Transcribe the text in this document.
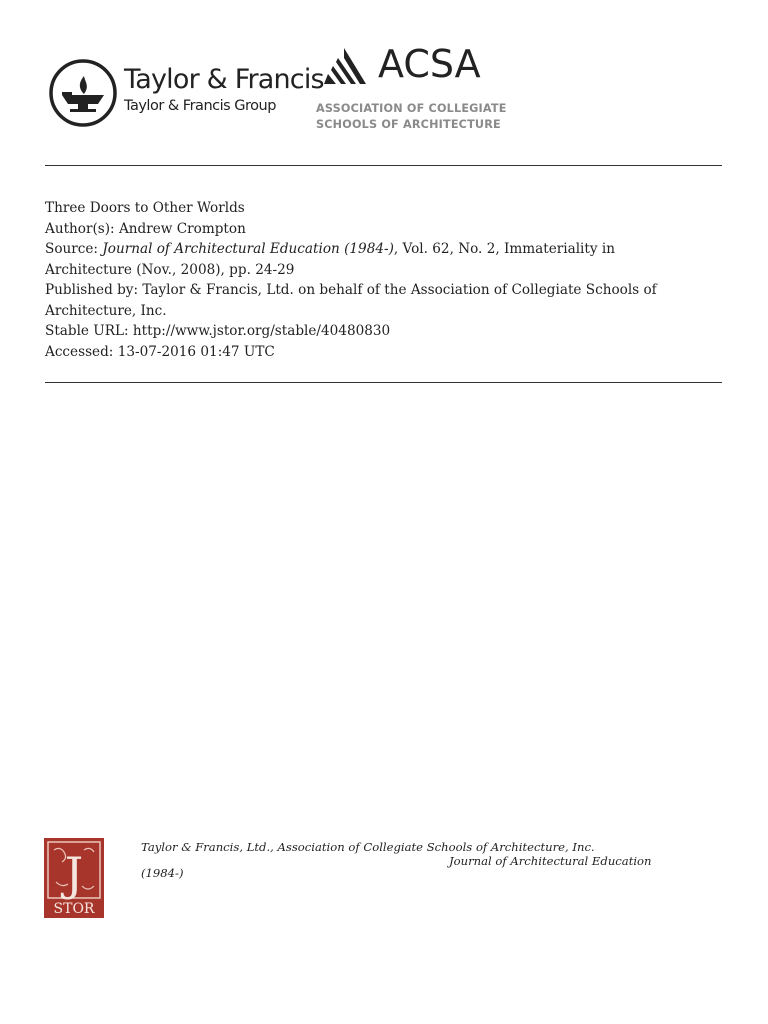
Taylor & Francis
Taylor & Francis Group
ACSA
ASSOCIATION OF COLLEGIATE
SCHOOLS OF ARCHITECTURE

Three Doors to Other Worlds

Author(s): Andrew Crompton

Source: Journal of Architectural Education (1984-), Vol. 62, No. 2, Immateriality in

Architecture (Nov., 2008), pp. 24-29

Published by: Taylor & Francis, Ltd. on behalf of the Association of Collegiate Schools of

Architecture, Inc.

Stable URL: http://www.jstor.org/stable/40480830

Accessed: 13-07-2016 01:47 UTC

J
STOR
Taylor & Francis, Ltd., Association of Collegiate Schools of Architecture, Inc.
Journal of Architectural Education
(1984-)
